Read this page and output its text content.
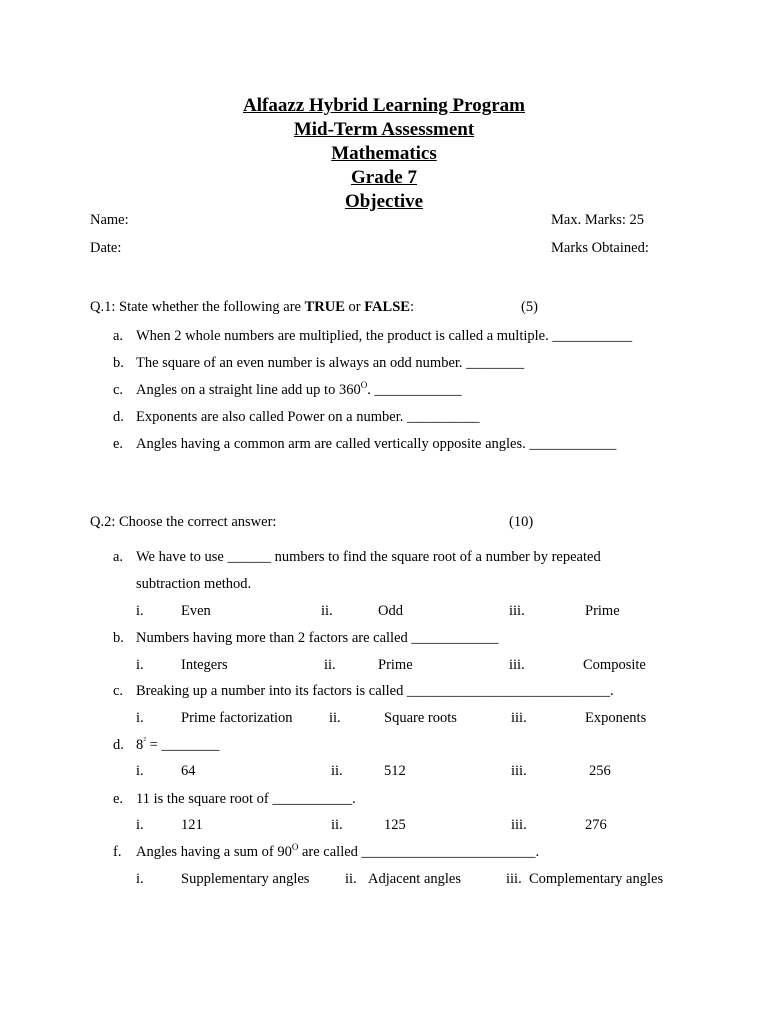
Alfaazz Hybrid Learning Program
Mid-Term Assessment
Mathematics
Grade 7
Objective
Name:	Max. Marks: 25
Date:	Marks Obtained:
Q.1: State whether the following are TRUE or FALSE:	(5)
a. When 2 whole numbers are multiplied, the product is called a multiple. ___________
b. The square of an even number is always an odd number. ________
c. Angles on a straight line add up to $360^O$. ____________
d. Exponents are also called Power on a number. __________
e. Angles having a common arm are called vertically opposite angles. ____________
Q.2: Choose the correct answer:	(10)
a. We have to use ______ numbers to find the square root of a number by repeated
subtraction method.
i.	Even	ii.	Odd	iii.	Prime
b. Numbers having more than 2 factors are called ____________
i.	Integers	ii.	Prime	iii.	Composite
c. Breaking up a number into its factors is called ____________________________.
i.	Prime factorization	ii.	Square roots	iii.	Exponents
d. $8^{^2}$ = ________
i.	64	ii.	512	iii.	256
e. 11 is the square root of ___________.
i.	121	ii.	125	iii.	276
f. Angles having a sum of $90^O$ are called ________________________.
i.	Supplementary angles ii. Adjacent angles	iii. Complementary angles
